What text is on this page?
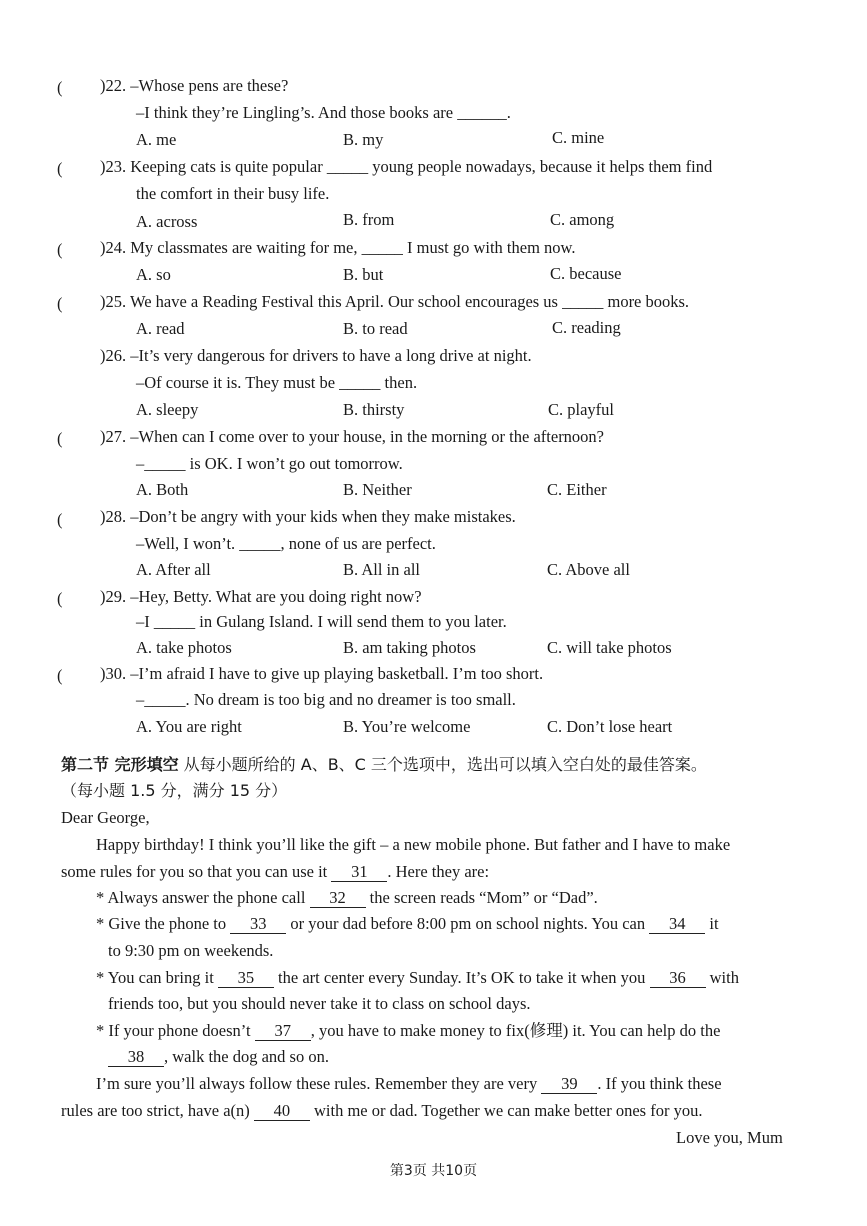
( )22. –Whose pens are these?
–I think they’re Lingling’s. And those books are ______.
A. me	B. my	C. mine
( )23. Keeping cats is quite popular _____ young people nowadays, because it helps them find
the comfort in their busy life.
A. across	B. from	C. among
( )24. My classmates are waiting for me, _____ I must go with them now.
A. so	B. but	C. because
( )25. We have a Reading Festival this April. Our school encourages us _____ more books.
A. read	B. to read	C. reading
)26. –It’s very dangerous for drivers to have a long drive at night.
–Of course it is. They must be _____ then.
A. sleepy	B. thirsty	C. playful
( )27. –When can I come over to your house, in the morning or the afternoon?
–_____ is OK. I won’t go out tomorrow.
A. Both	B. Neither	C. Either
( )28. –Don’t be angry with your kids when they make mistakes.
–Well, I won’t. _____, none of us are perfect.
A. After all	B. All in all	C. Above all
( )29. –Hey, Betty. What are you doing right now?
–I _____ in Gulang Island. I will send them to you later.
A. take photos	B. am taking photos	C. will take photos
( )30. –I’m afraid I have to give up playing basketball. I’m too short.
–_____. No dream is too big and no dreamer is too small.
A. You are right	B. You’re welcome	C. Don’t lose heart
第二节 完形填空 从每小题所给的 A、B、C 三个选项中，选出可以填入空白处的最佳答案。
（每小题 1.5 分，满分 15 分）
Dear George,
Happy birthday! I think you’ll like the gift – a new mobile phone. But father and I have to make
some rules for you so that you can use it 31 . Here they are:
* Always answer the phone call 32 the screen reads “Mom” or “Dad”.
* Give the phone to 33 or your dad before 8:00 pm on school nights. You can 34 it
to 9:30 pm on weekends.
* You can bring it 35 the art center every Sunday. It’s OK to take it when you 36 with
friends too, but you should never take it to class on school days.
* If your phone doesn’t 37 , you have to make money to fix(修理) it. You can help do the
38 , walk the dog and so on.
I’m sure you’ll always follow these rules. Remember they are very 39 . If you think these
rules are too strict, have a(n) 40 with me or dad. Together we can make better ones for you.
Love you, Mum
第3页 共10页
